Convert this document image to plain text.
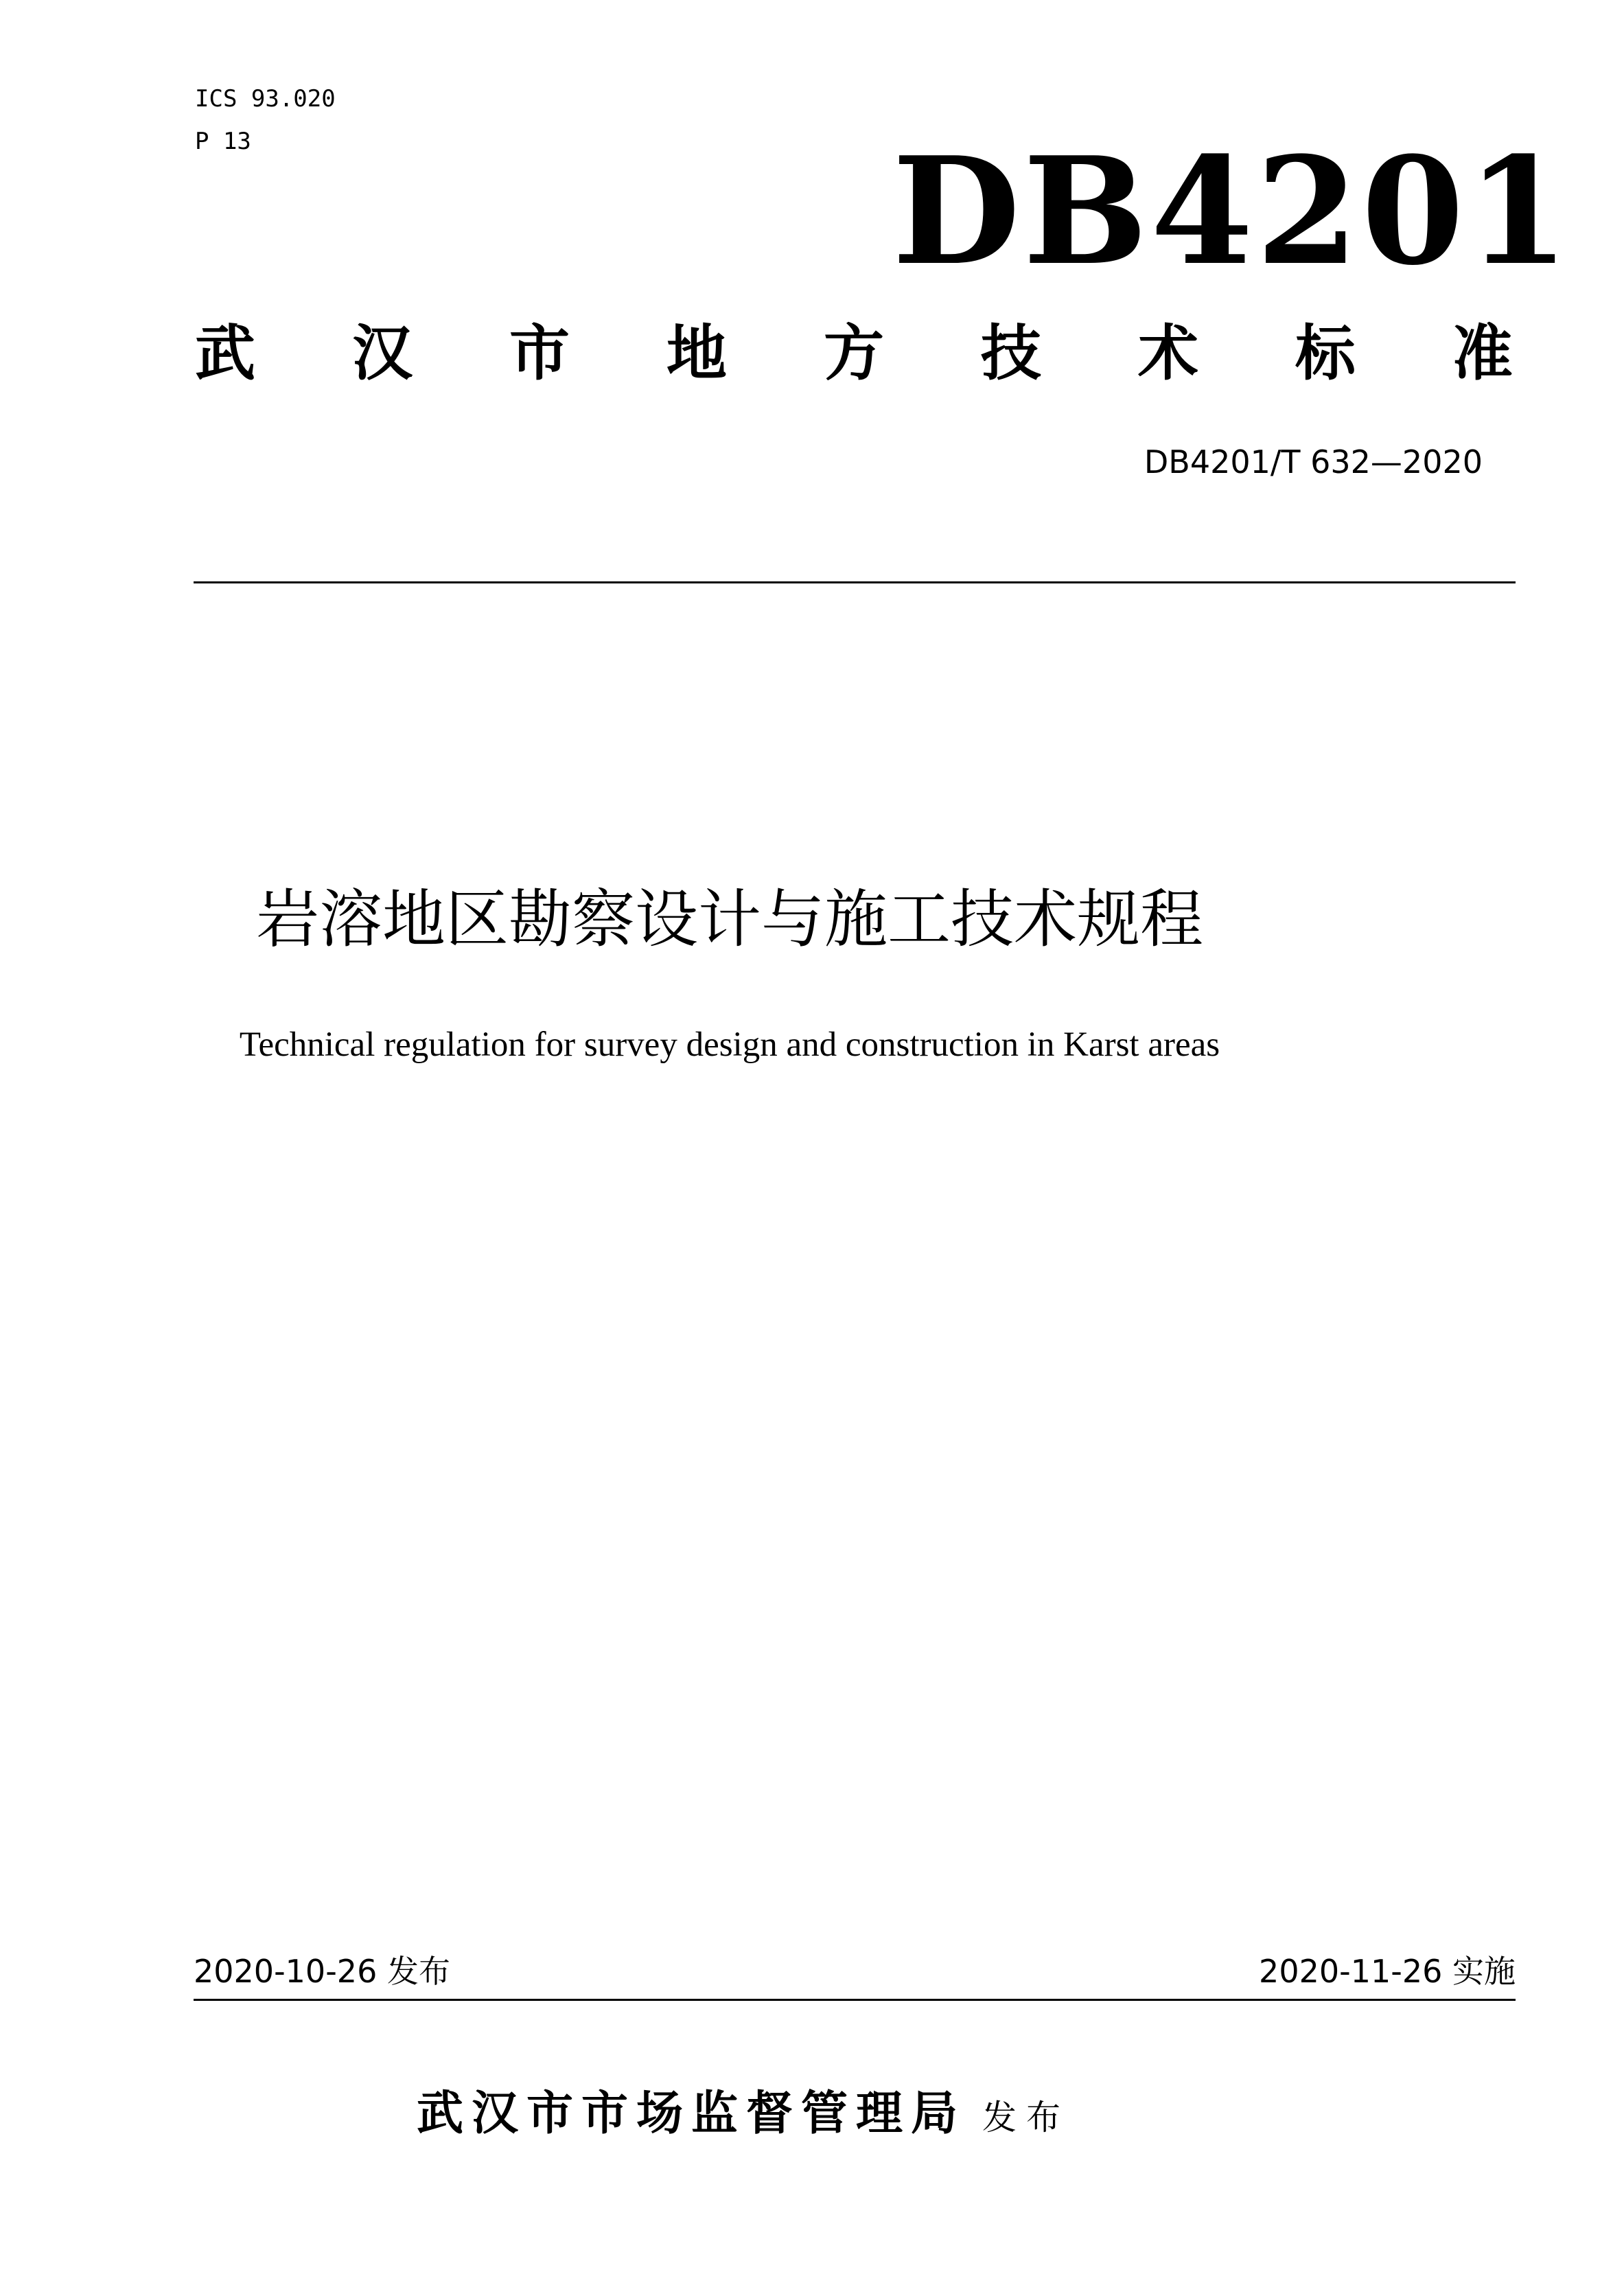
ICS 93.020
P 13	DB4201
武 汉 市 地 方 技 术 标 准
DB4201/T 632—2020
岩溶地区勘察设计与施工技术规程
Technical regulation for survey design and construction in Karst areas
2020-10-26 发布	2020-11-26 实施
武汉市市场监督管理局 发布
